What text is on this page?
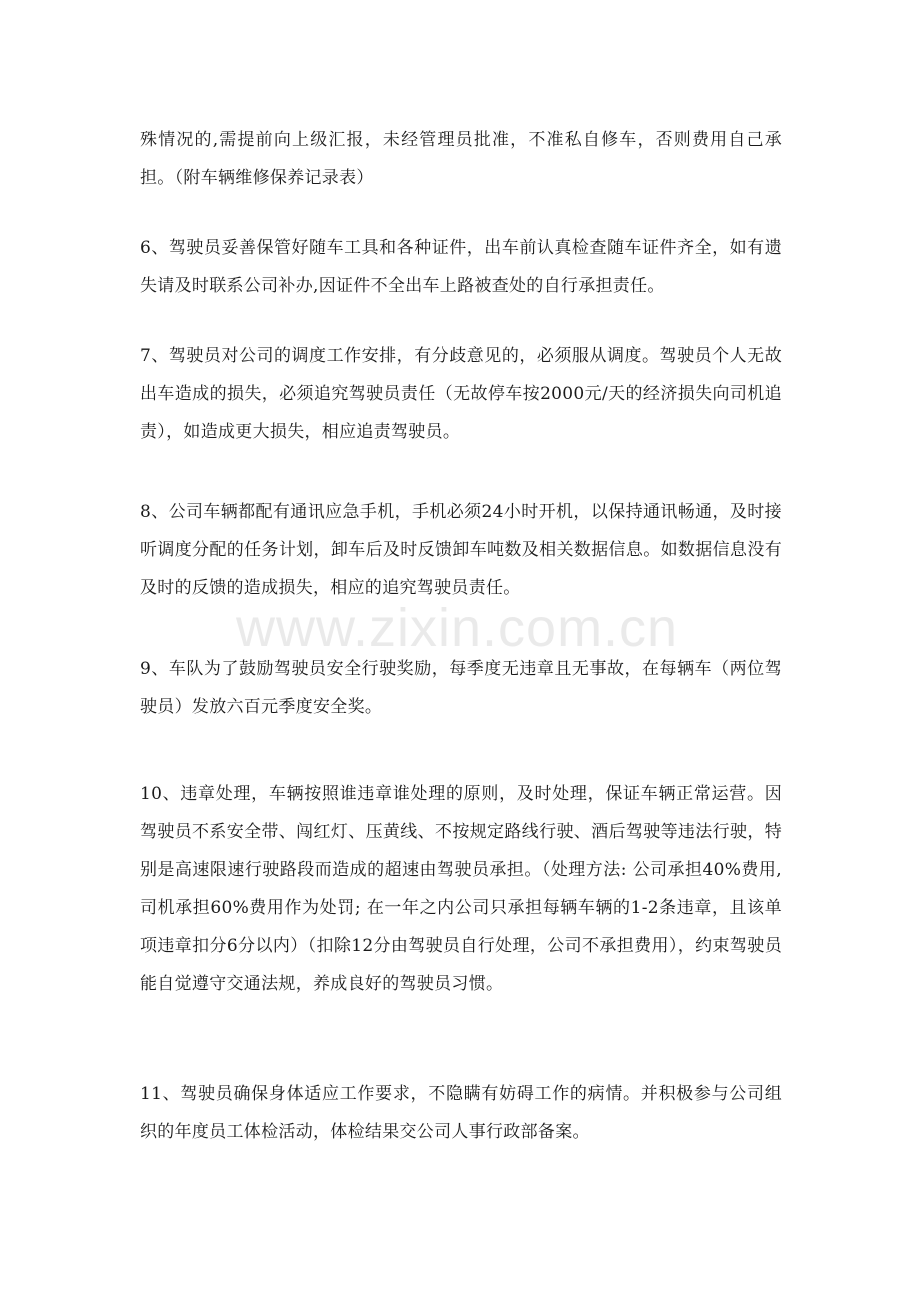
殊情况的,需提前向上级汇报，未经管理员批准，不准私自修车，否则费用自己承担。（附车辆维修保养记录表）

6、驾驶员妥善保管好随车工具和各种证件，出车前认真检查随车证件齐全，如有遗失请及时联系公司补办,因证件不全出车上路被查处的自行承担责任。

7、驾驶员对公司的调度工作安排，有分歧意见的，必须服从调度。驾驶员个人无故出车造成的损失，必须追究驾驶员责任（无故停车按2000元/天的经济损失向司机追责），如造成更大损失，相应追责驾驶员。

8、公司车辆都配有通讯应急手机，手机必须24小时开机，以保持通讯畅通，及时接听调度分配的任务计划，卸车后及时反馈卸车吨数及相关数据信息。如数据信息没有及时的反馈的造成损失，相应的追究驾驶员责任。

9、车队为了鼓励驾驶员安全行驶奖励，每季度无违章且无事故，在每辆车（两位驾驶员）发放六百元季度安全奖。

10、违章处理，车辆按照谁违章谁处理的原则，及时处理，保证车辆正常运营。因驾驶员不系安全带、闯红灯、压黄线、不按规定路线行驶、酒后驾驶等违法行驶，特别是高速限速行驶路段而造成的超速由驾驶员承担。（处理方法: 公司承担40%费用,司机承担60%费用作为处罚; 在一年之内公司只承担每辆车辆的1-2条违章，且该单项违章扣分6分以内）（扣除12分由驾驶员自行处理，公司不承担费用），约束驾驶员能自觉遵守交通法规，养成良好的驾驶员习惯。

11、驾驶员确保身体适应工作要求，不隐瞒有妨碍工作的病情。并积极参与公司组织的年度员工体检活动，体检结果交公司人事行政部备案。

www.zixin.com.cn
